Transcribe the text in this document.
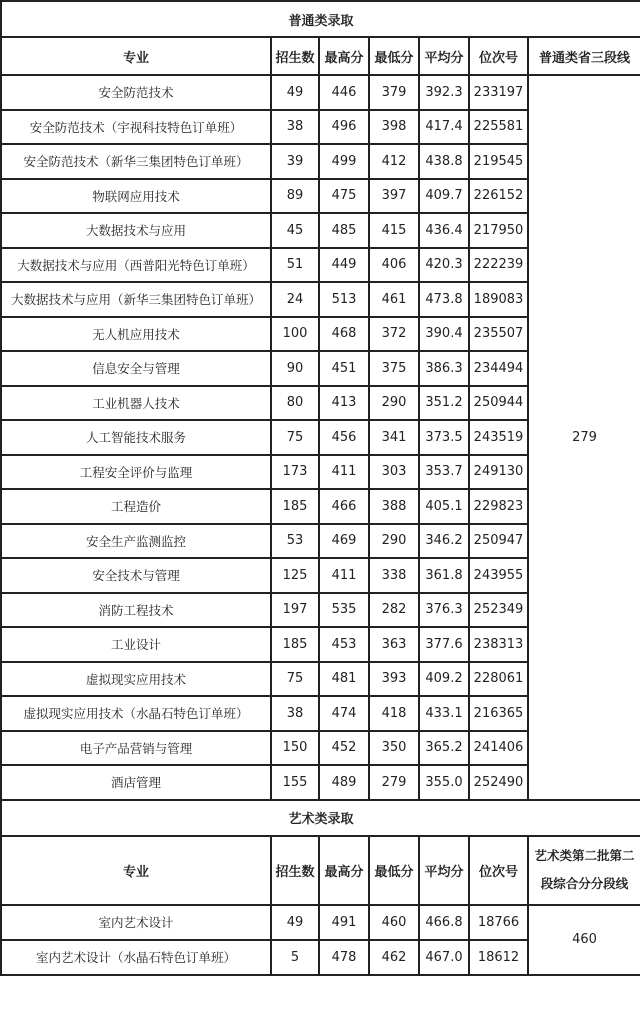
普通类录取						
专业	招生数	最高分	最低分	平均分	位次号	普通类省三段线
安全防范技术	49	446	379	392.3	233197	279
安全防范技术（宇视科技特色订单班）	38	496	398	417.4	225581	
安全防范技术（新华三集团特色订单班）	39	499	412	438.8	219545	
物联网应用技术	89	475	397	409.7	226152	
大数据技术与应用	45	485	415	436.4	217950	
大数据技术与应用（西普阳光特色订单班）	51	449	406	420.3	222239	
大数据技术与应用（新华三集团特色订单班）	24	513	461	473.8	189083	
无人机应用技术	100	468	372	390.4	235507	
信息安全与管理	90	451	375	386.3	234494	
工业机器人技术	80	413	290	351.2	250944	
人工智能技术服务	75	456	341	373.5	243519	
工程安全评价与监理	173	411	303	353.7	249130	
工程造价	185	466	388	405.1	229823	
安全生产监测监控	53	469	290	346.2	250947	
安全技术与管理	125	411	338	361.8	243955	
消防工程技术	197	535	282	376.3	252349	
工业设计	185	453	363	377.6	238313	
虚拟现实应用技术	75	481	393	409.2	228061	
虚拟现实应用技术（水晶石特色订单班）	38	474	418	433.1	216365	
电子产品营销与管理	150	452	350	365.2	241406	
酒店管理	155	489	279	355.0	252490	
艺术类录取						
专业	招生数	最高分	最低分	平均分	位次号	艺术类第二批第二段综合分分段线
室内艺术设计	49	491	460	466.8	18766	460
室内艺术设计（水晶石特色订单班）	5	478	462	467.0	18612	
